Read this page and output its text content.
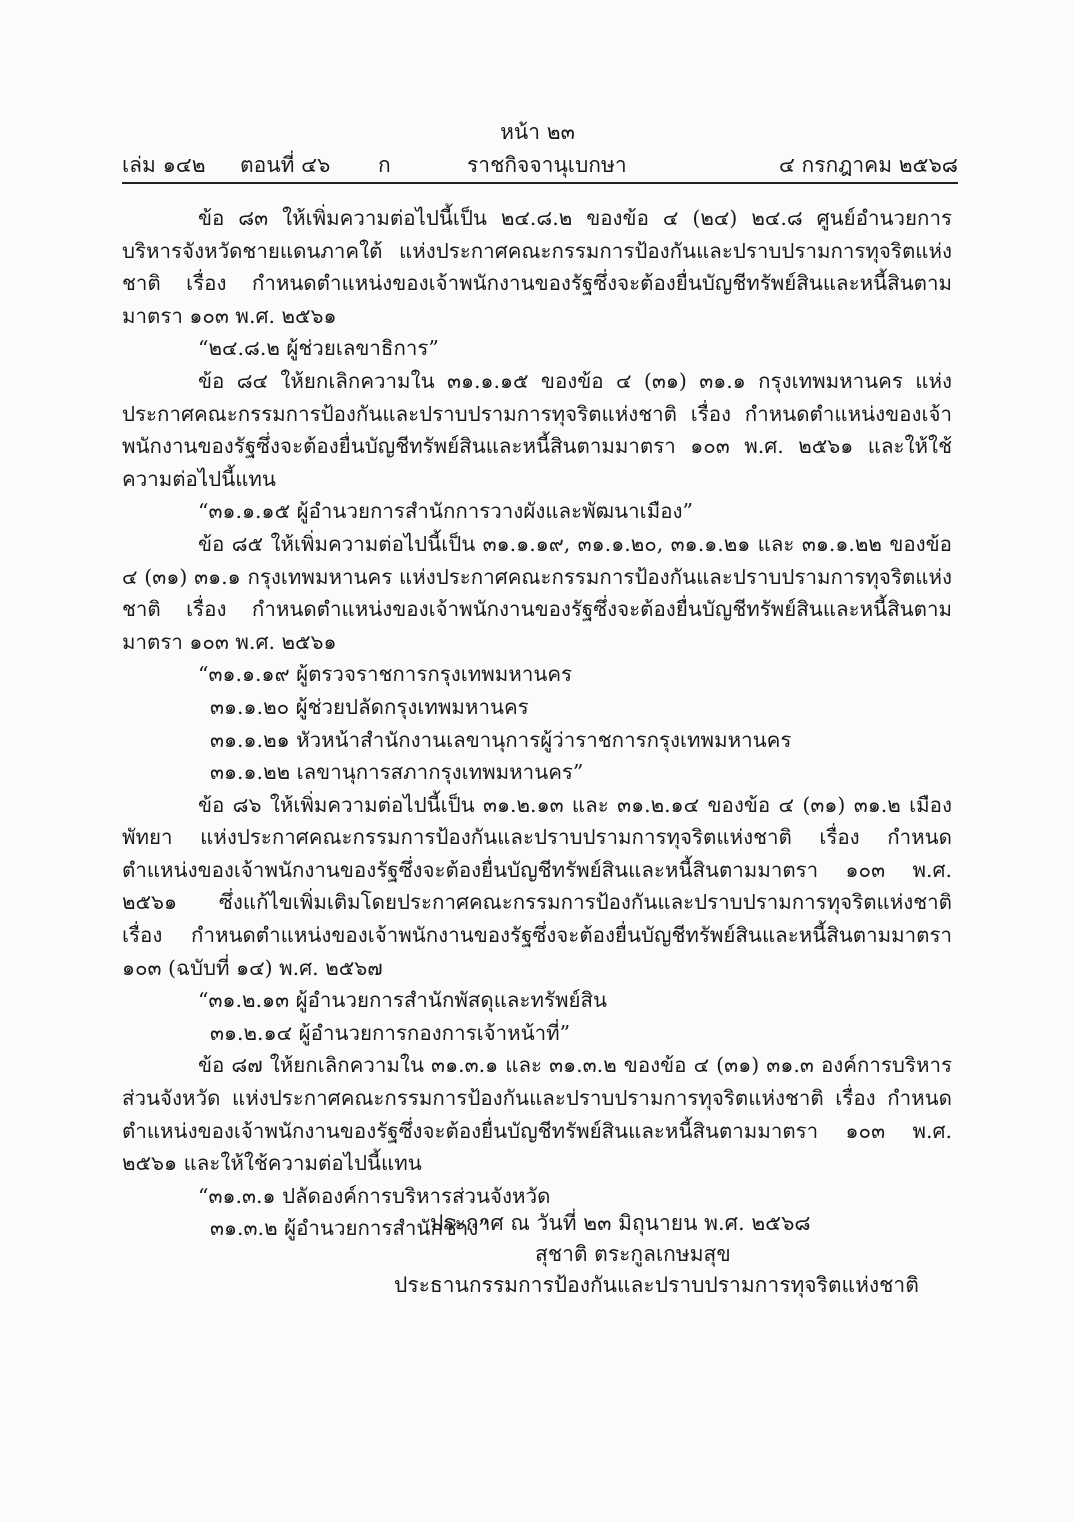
หน้า ๒๓
เล่ม ๑๔๒ ตอนที่ ๔๖ ก	ราชกิจจานุเบกษา	๔ กรกฎาคม ๒๕๖๘

ข้อ ๘๓ ให้เพิ่มความต่อไปนี้เป็น ๒๔.๘.๒ ของข้อ ๔ (๒๔) ๒๔.๘ ศูนย์อำนวยการบริหารจังหวัดชายแดนภาคใต้ แห่งประกาศคณะกรรมการป้องกันและปราบปรามการทุจริตแห่งชาติ เรื่อง กำหนดตำแหน่งของเจ้าพนักงานของรัฐซึ่งจะต้องยื่นบัญชีทรัพย์สินและหนี้สินตามมาตรา ๑๐๓ พ.ศ. ๒๕๖๑

“๒๔.๘.๒ ผู้ช่วยเลขาธิการ”

ข้อ ๘๔ ให้ยกเลิกความใน ๓๑.๑.๑๕ ของข้อ ๔ (๓๑) ๓๑.๑ กรุงเทพมหานคร แห่งประกาศคณะกรรมการป้องกันและปราบปรามการทุจริตแห่งชาติ เรื่อง กำหนดตำแหน่งของเจ้าพนักงานของรัฐซึ่งจะต้องยื่นบัญชีทรัพย์สินและหนี้สินตามมาตรา ๑๐๓ พ.ศ. ๒๕๖๑ และให้ใช้ความต่อไปนี้แทน

“๓๑.๑.๑๕ ผู้อำนวยการสำนักการวางผังและพัฒนาเมือง”

ข้อ ๘๕ ให้เพิ่มความต่อไปนี้เป็น ๓๑.๑.๑๙, ๓๑.๑.๒๐, ๓๑.๑.๒๑ และ ๓๑.๑.๒๒ ของข้อ ๔ (๓๑) ๓๑.๑ กรุงเทพมหานคร แห่งประกาศคณะกรรมการป้องกันและปราบปรามการทุจริตแห่งชาติ เรื่อง กำหนดตำแหน่งของเจ้าพนักงานของรัฐซึ่งจะต้องยื่นบัญชีทรัพย์สินและหนี้สินตามมาตรา ๑๐๓ พ.ศ. ๒๕๖๑

“๓๑.๑.๑๙ ผู้ตรวจราชการกรุงเทพมหานคร

๓๑.๑.๒๐ ผู้ช่วยปลัดกรุงเทพมหานคร

๓๑.๑.๒๑ หัวหน้าสำนักงานเลขานุการผู้ว่าราชการกรุงเทพมหานคร

๓๑.๑.๒๒ เลขานุการสภากรุงเทพมหานคร”

ข้อ ๘๖ ให้เพิ่มความต่อไปนี้เป็น ๓๑.๒.๑๓ และ ๓๑.๒.๑๔ ของข้อ ๔ (๓๑) ๓๑.๒ เมืองพัทยา แห่งประกาศคณะกรรมการป้องกันและปราบปรามการทุจริตแห่งชาติ เรื่อง กำหนดตำแหน่งของเจ้าพนักงานของรัฐซึ่งจะต้องยื่นบัญชีทรัพย์สินและหนี้สินตามมาตรา ๑๐๓ พ.ศ. ๒๕๖๑ ซึ่งแก้ไขเพิ่มเติมโดยประกาศคณะกรรมการป้องกันและปราบปรามการทุจริตแห่งชาติ เรื่อง กำหนดตำแหน่งของเจ้าพนักงานของรัฐซึ่งจะต้องยื่นบัญชีทรัพย์สินและหนี้สินตามมาตรา ๑๐๓ (ฉบับที่ ๑๔) พ.ศ. ๒๕๖๗

“๓๑.๒.๑๓ ผู้อำนวยการสำนักพัสดุและทรัพย์สิน

๓๑.๒.๑๔ ผู้อำนวยการกองการเจ้าหน้าที่”

ข้อ ๘๗ ให้ยกเลิกความใน ๓๑.๓.๑ และ ๓๑.๓.๒ ของข้อ ๔ (๓๑) ๓๑.๓ องค์การบริหารส่วนจังหวัด แห่งประกาศคณะกรรมการป้องกันและปราบปรามการทุจริตแห่งชาติ เรื่อง กำหนดตำแหน่งของเจ้าพนักงานของรัฐซึ่งจะต้องยื่นบัญชีทรัพย์สินและหนี้สินตามมาตรา ๑๐๓ พ.ศ. ๒๕๖๑ และให้ใช้ความต่อไปนี้แทน

“๓๑.๓.๑ ปลัดองค์การบริหารส่วนจังหวัด

๓๑.๓.๒ ผู้อำนวยการสำนักช่าง”

ประกาศ ณ วันที่ ๒๓ มิถุนายน พ.ศ. ๒๕๖๘
สุชาติ ตระกูลเกษมสุข
ประธานกรรมการป้องกันและปราบปรามการทุจริตแห่งชาติ
